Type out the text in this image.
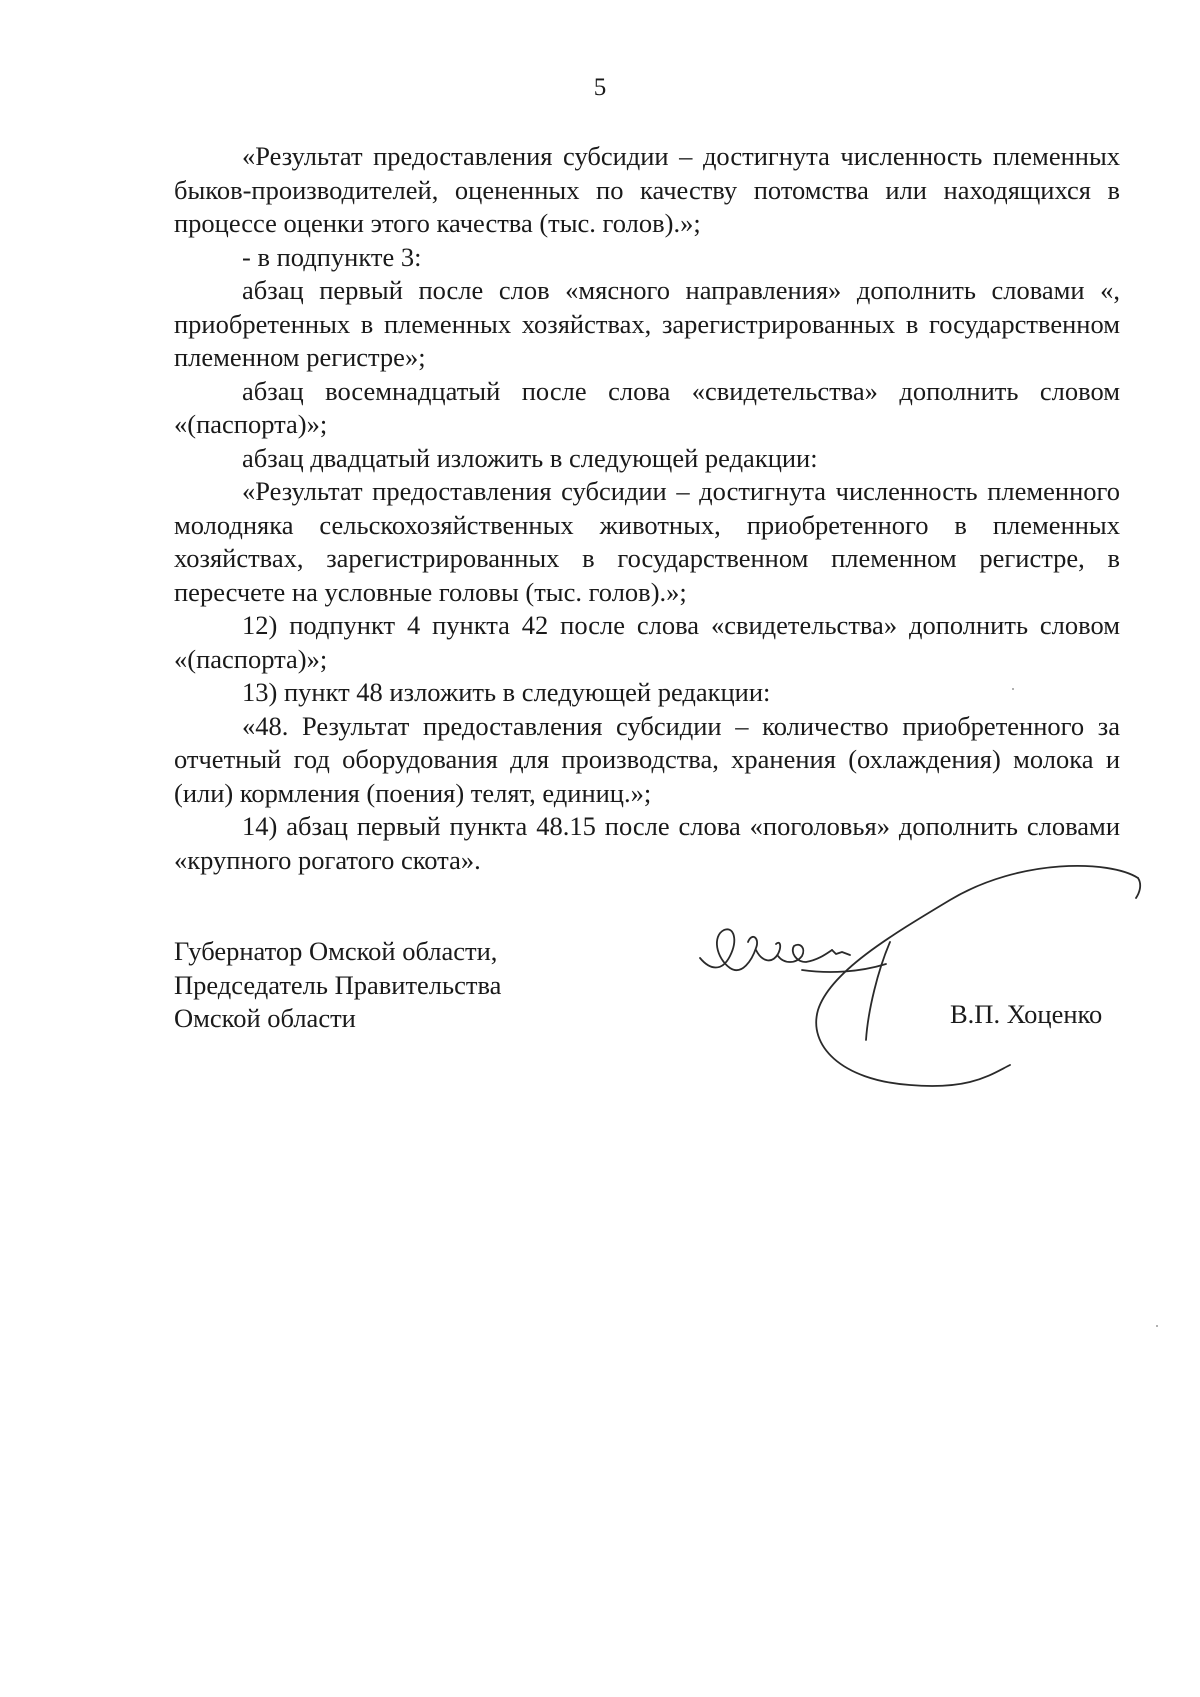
5

«Результат предоставления субсидии – достигнута численность племенных быков-производителей, оцененных по качеству потомства или находящихся в процессе оценки этого качества (тыс. голов).»;

- в подпункте 3:

абзац первый после слов «мясного направления» дополнить словами «, приобретенных в племенных хозяйствах, зарегистрированных в государственном племенном регистре»;

абзац восемнадцатый после слова «свидетельства» дополнить словом «(паспорта)»;

абзац двадцатый изложить в следующей редакции:

«Результат предоставления субсидии – достигнута численность племенного молодняка сельскохозяйственных животных, приобретенного в племенных хозяйствах, зарегистрированных в государственном племенном регистре, в пересчете на условные головы (тыс. голов).»;

12) подпункт 4 пункта 42 после слова «свидетельства» дополнить словом «(паспорта)»;

13) пункт 48 изложить в следующей редакции:

«48. Результат предоставления субсидии – количество приобретенного за отчетный год оборудования для производства, хранения (охлаждения) молока и (или) кормления (поения) телят, единиц.»;

14) абзац первый пункта 48.15 после слова «поголовья» дополнить словами «крупного рогатого скота».

Губернатор Омской области,
Председатель Правительства
Омской области	В.П. Хоценко
